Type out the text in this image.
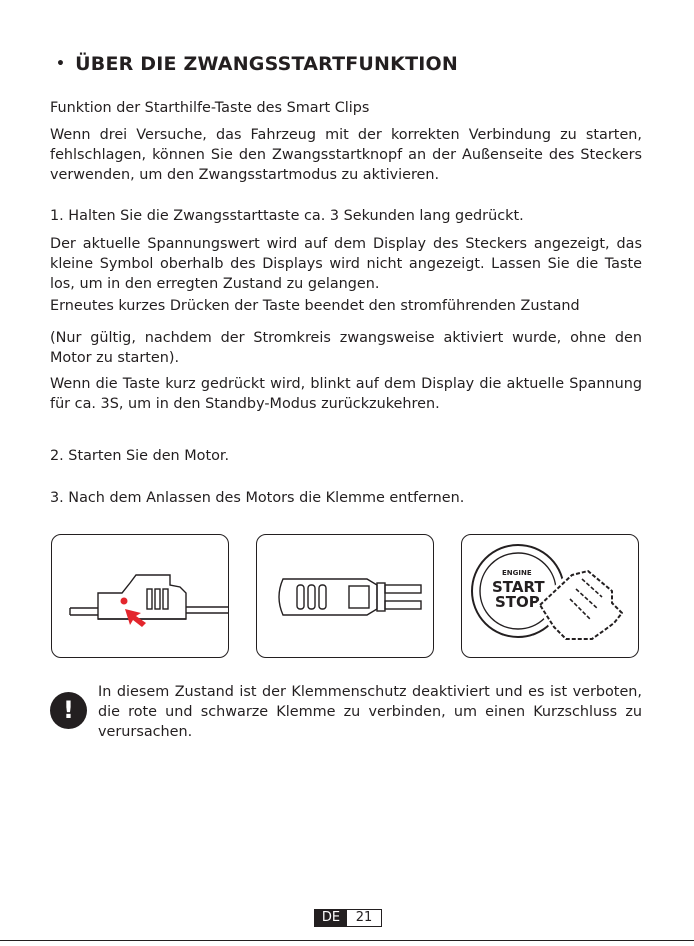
• ÜBER DIE ZWANGSSTARTFUNKTION
Funktion der Starthilfe-Taste des Smart Clips
Wenn drei Versuche, das Fahrzeug mit der korrekten Verbindung zu starten, fehlschlagen, können Sie den Zwangsstartknopf an der Außenseite des Steckers verwenden, um den Zwangsstartmodus zu aktivieren.
1. Halten Sie die Zwangsstarttaste ca. 3 Sekunden lang gedrückt.
Der aktuelle Spannungswert wird auf dem Display des Steckers angezeigt, das kleine Symbol oberhalb des Displays wird nicht angezeigt. Lassen Sie die Taste los, um in den erregten Zustand zu gelangen.
Erneutes kurzes Drücken der Taste beendet den stromführenden Zustand
(Nur gültig, nachdem der Stromkreis zwangsweise aktiviert wurde, ohne den Motor zu starten).
Wenn die Taste kurz gedrückt wird, blinkt auf dem Display die aktuelle Spannung für ca. 3S, um in den Standby-Modus zurückzukehren.
2. Starten Sie den Motor.
3. Nach dem Anlassen des Motors die Klemme entfernen.
ENGINE
START
STOP
!
In diesem Zustand ist der Klemmenschutz deaktiviert und es ist verboten, die rote und schwarze Klemme zu verbinden, um einen Kurzschluss zu verursachen.
DE	21
